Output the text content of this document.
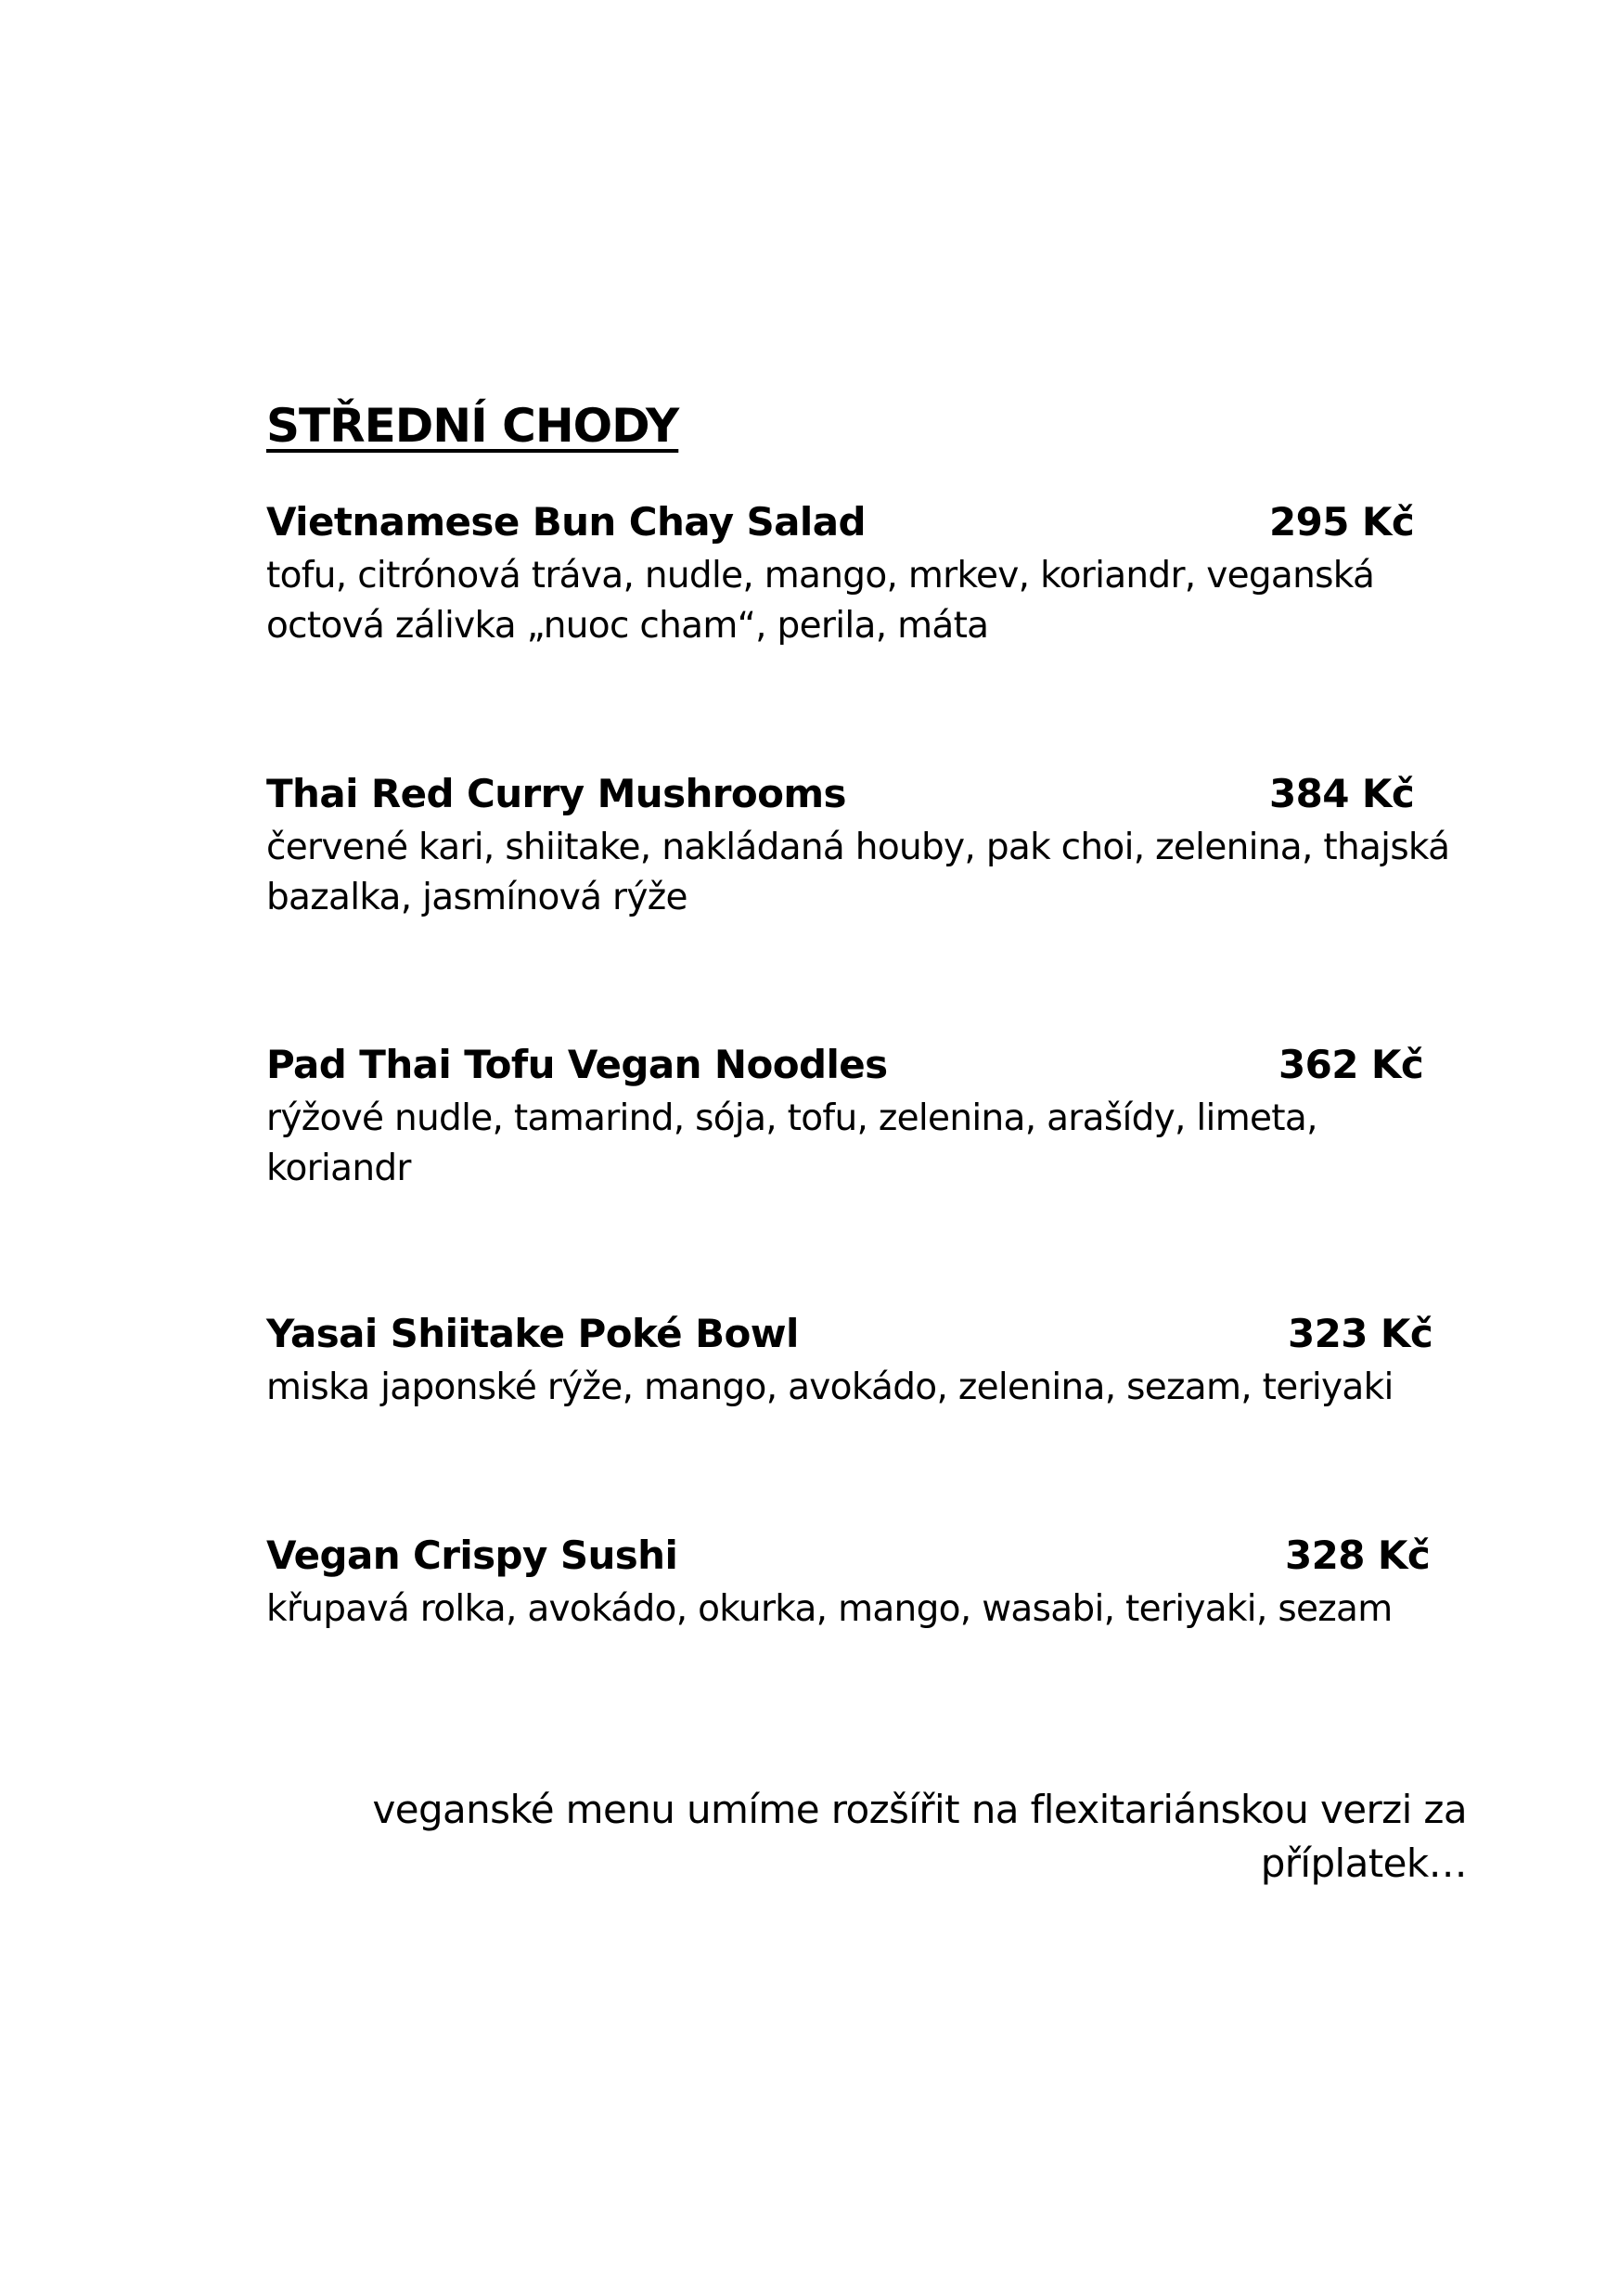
STŘEDNÍ CHODY
Vietnamese Bun Chay Salad	295 Kč

tofu, citrónová tráva, nudle, mango, mrkev, koriandr, veganská
octová zálivka „nuoc cham“, perila, máta

Thai Red Curry Mushrooms	384 Kč

červené kari, shiitake, nakládaná houby, pak choi, zelenina, thajská
bazalka, jasmínová rýže

Pad Thai Tofu Vegan Noodles	362 Kč

rýžové nudle, tamarind, sója, tofu, zelenina, arašídy, limeta,
koriandr

Yasai Shiitake Poké Bowl	323 Kč

miska japonské rýže, mango, avokádo, zelenina, sezam, teriyaki

Vegan Crispy Sushi	328 Kč

křupavá rolka, avokádo, okurka, mango, wasabi, teriyaki, sezam

veganské menu umíme rozšířit na flexitariánskou verzi za
příplatek…
